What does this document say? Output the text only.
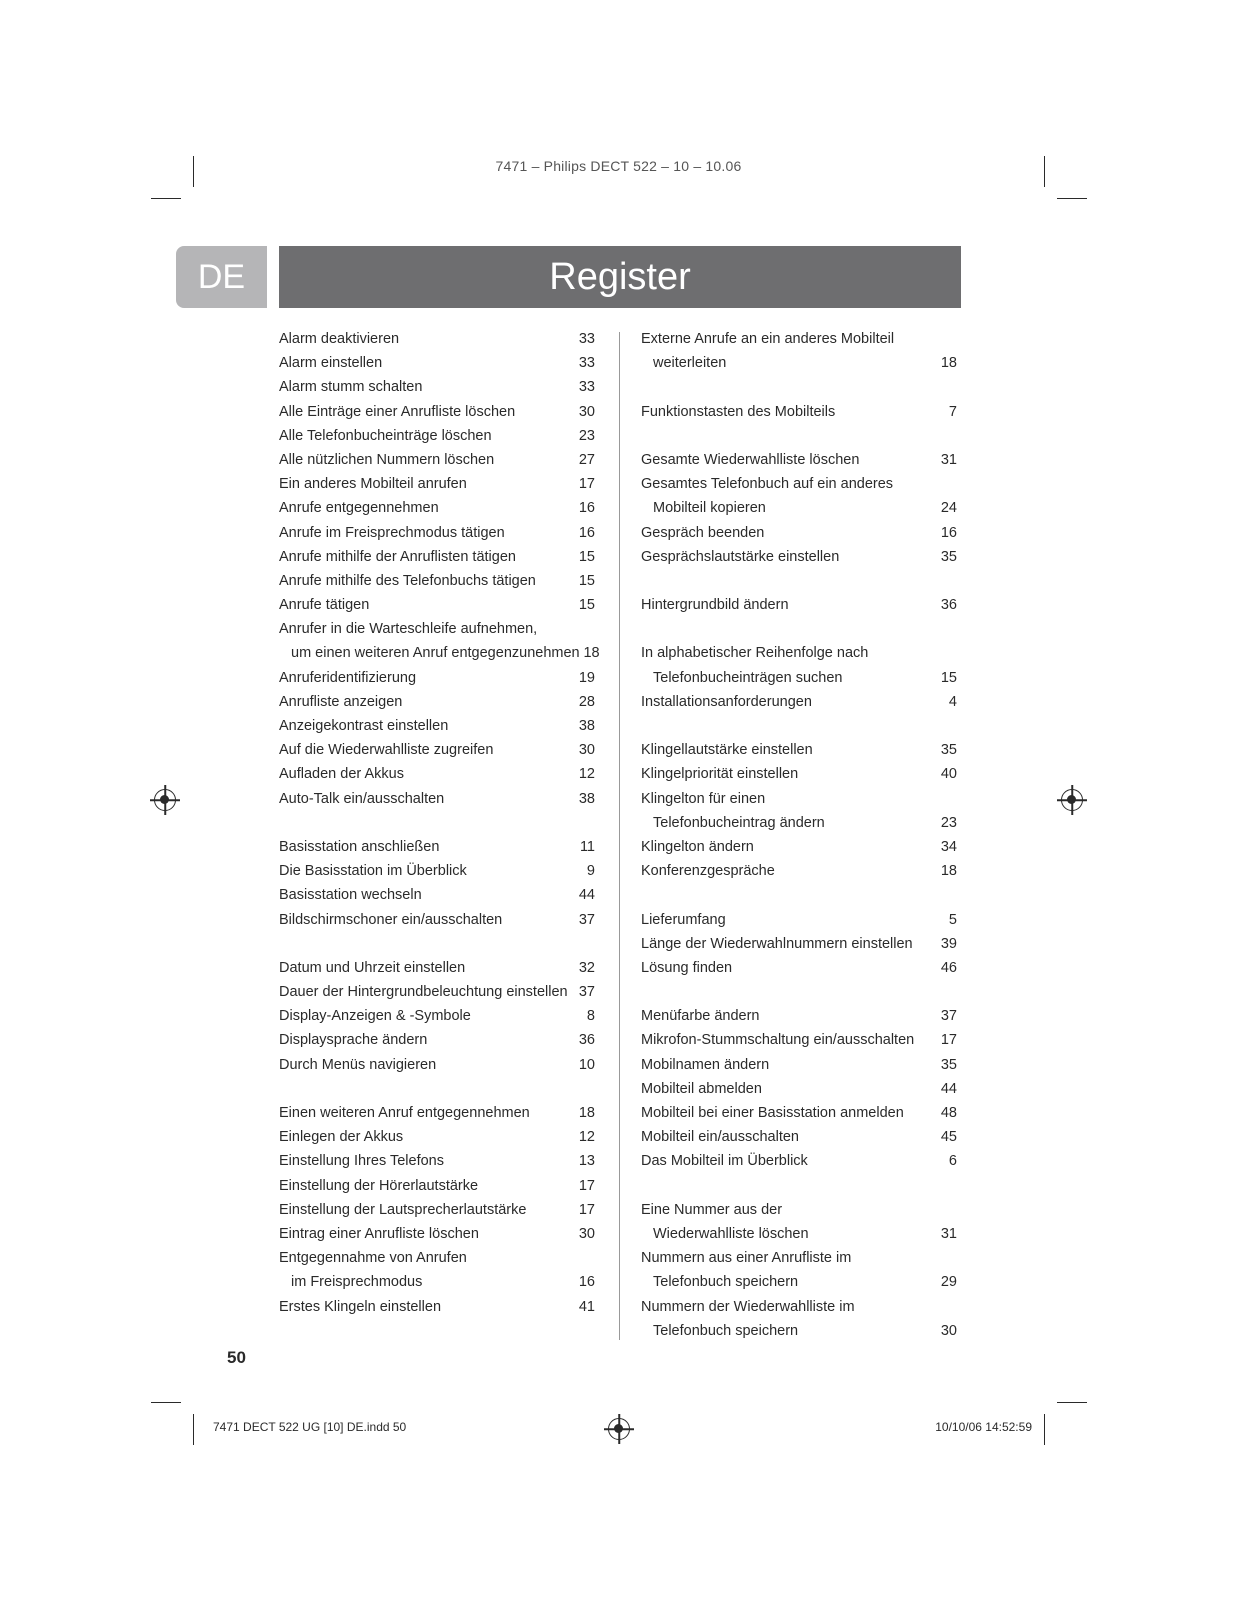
7471 – Philips DECT 522 – 10 – 10.06
DE	Register
Alarm deaktivieren	33
Alarm einstellen	33
Alarm stumm schalten	33
Alle Einträge einer Anrufliste löschen	30
Alle Telefonbucheinträge löschen	23
Alle nützlichen Nummern löschen	27
Ein anderes Mobilteil anrufen	17
Anrufe entgegennehmen	16
Anrufe im Freisprechmodus tätigen	16
Anrufe mithilfe der Anruflisten tätigen	15
Anrufe mithilfe des Telefonbuchs tätigen	15
Anrufe tätigen	15
Anrufer in die Warteschleife aufnehmen,
um einen weiteren Anruf entgegenzunehmen 18
Anruferidentifizierung	19
Anrufliste anzeigen	28
Anzeigekontrast einstellen	38
Auf die Wiederwahlliste zugreifen	30
Aufladen der Akkus	12
Auto-Talk ein/ausschalten	38
Basisstation anschließen	11
Die Basisstation im Überblick	9
Basisstation wechseln	44
Bildschirmschoner ein/ausschalten	37
Datum und Uhrzeit einstellen	32
Dauer der Hintergrundbeleuchtung einstellen 37
Display-Anzeigen & -Symbole	8
Displaysprache ändern	36
Durch Menüs navigieren	10
Einen weiteren Anruf entgegennehmen	18
Einlegen der Akkus	12
Einstellung Ihres Telefons	13
Einstellung der Hörerlautstärke	17
Einstellung der Lautsprecherlautstärke	17
Eintrag einer Anrufliste löschen	30
Entgegennahme von Anrufen
im Freisprechmodus	16
Erstes Klingeln einstellen	41
Externe Anrufe an ein anderes Mobilteil
weiterleiten	18
Funktionstasten des Mobilteils	7
Gesamte Wiederwahlliste löschen	31
Gesamtes Telefonbuch auf ein anderes
Mobilteil kopieren	24
Gespräch beenden	16
Gesprächslautstärke einstellen	35
Hintergrundbild ändern	36
In alphabetischer Reihenfolge nach
Telefonbucheinträgen suchen	15
Installationsanforderungen	4
Klingellautstärke einstellen	35
Klingelpriorität einstellen	40
Klingelton für einen
Telefonbucheintrag ändern	23
Klingelton ändern	34
Konferenzgespräche	18
Lieferumfang	5
Länge der Wiederwahlnummern einstellen 39
Lösung finden	46
Menüfarbe ändern	37
Mikrofon-Stummschaltung ein/ausschalten 17
Mobilnamen ändern	35
Mobilteil abmelden	44
Mobilteil bei einer Basisstation anmelden	48
Mobilteil ein/ausschalten	45
Das Mobilteil im Überblick	6
Eine Nummer aus der
Wiederwahlliste löschen	31
Nummern aus einer Anrufliste im
Telefonbuch speichern	29
Nummern der Wiederwahlliste im
Telefonbuch speichern	30
50
7471 DECT 522 UG [10] DE.indd 50	10/10/06 14:52:59
